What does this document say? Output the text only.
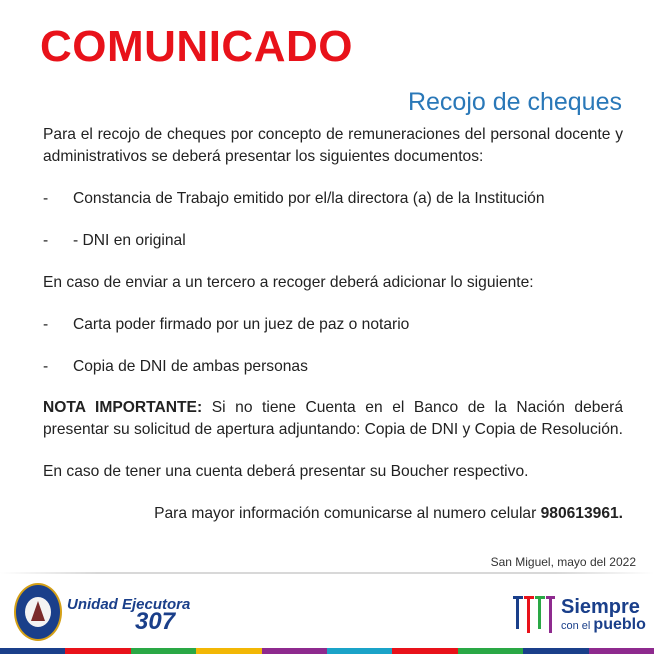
COMUNICADO
Recojo de cheques

Para el recojo de cheques por concepto de remuneraciones del personal docente y administrativos se deberá presentar los siguientes documentos:

-	Constancia de Trabajo emitido por el/la directora (a) de la Institución

-	- DNI en original

En caso de enviar a un tercero a recoger deberá adicionar lo siguiente:

-	Carta poder firmado por un juez de paz o notario

-	Copia de DNI de ambas personas

NOTA IMPORTANTE: Si no tiene Cuenta en el Banco de la Nación deberá presentar su solicitud de apertura adjuntando: Copia de DNI y Copia de Resolución.

En caso de tener una cuenta deberá presentar su Boucher respectivo.

Para mayor información comunicarse al numero celular 980613961.

San Miguel, mayo del 2022
Unidad Ejecutora
307
Siempre
con el pueblo
